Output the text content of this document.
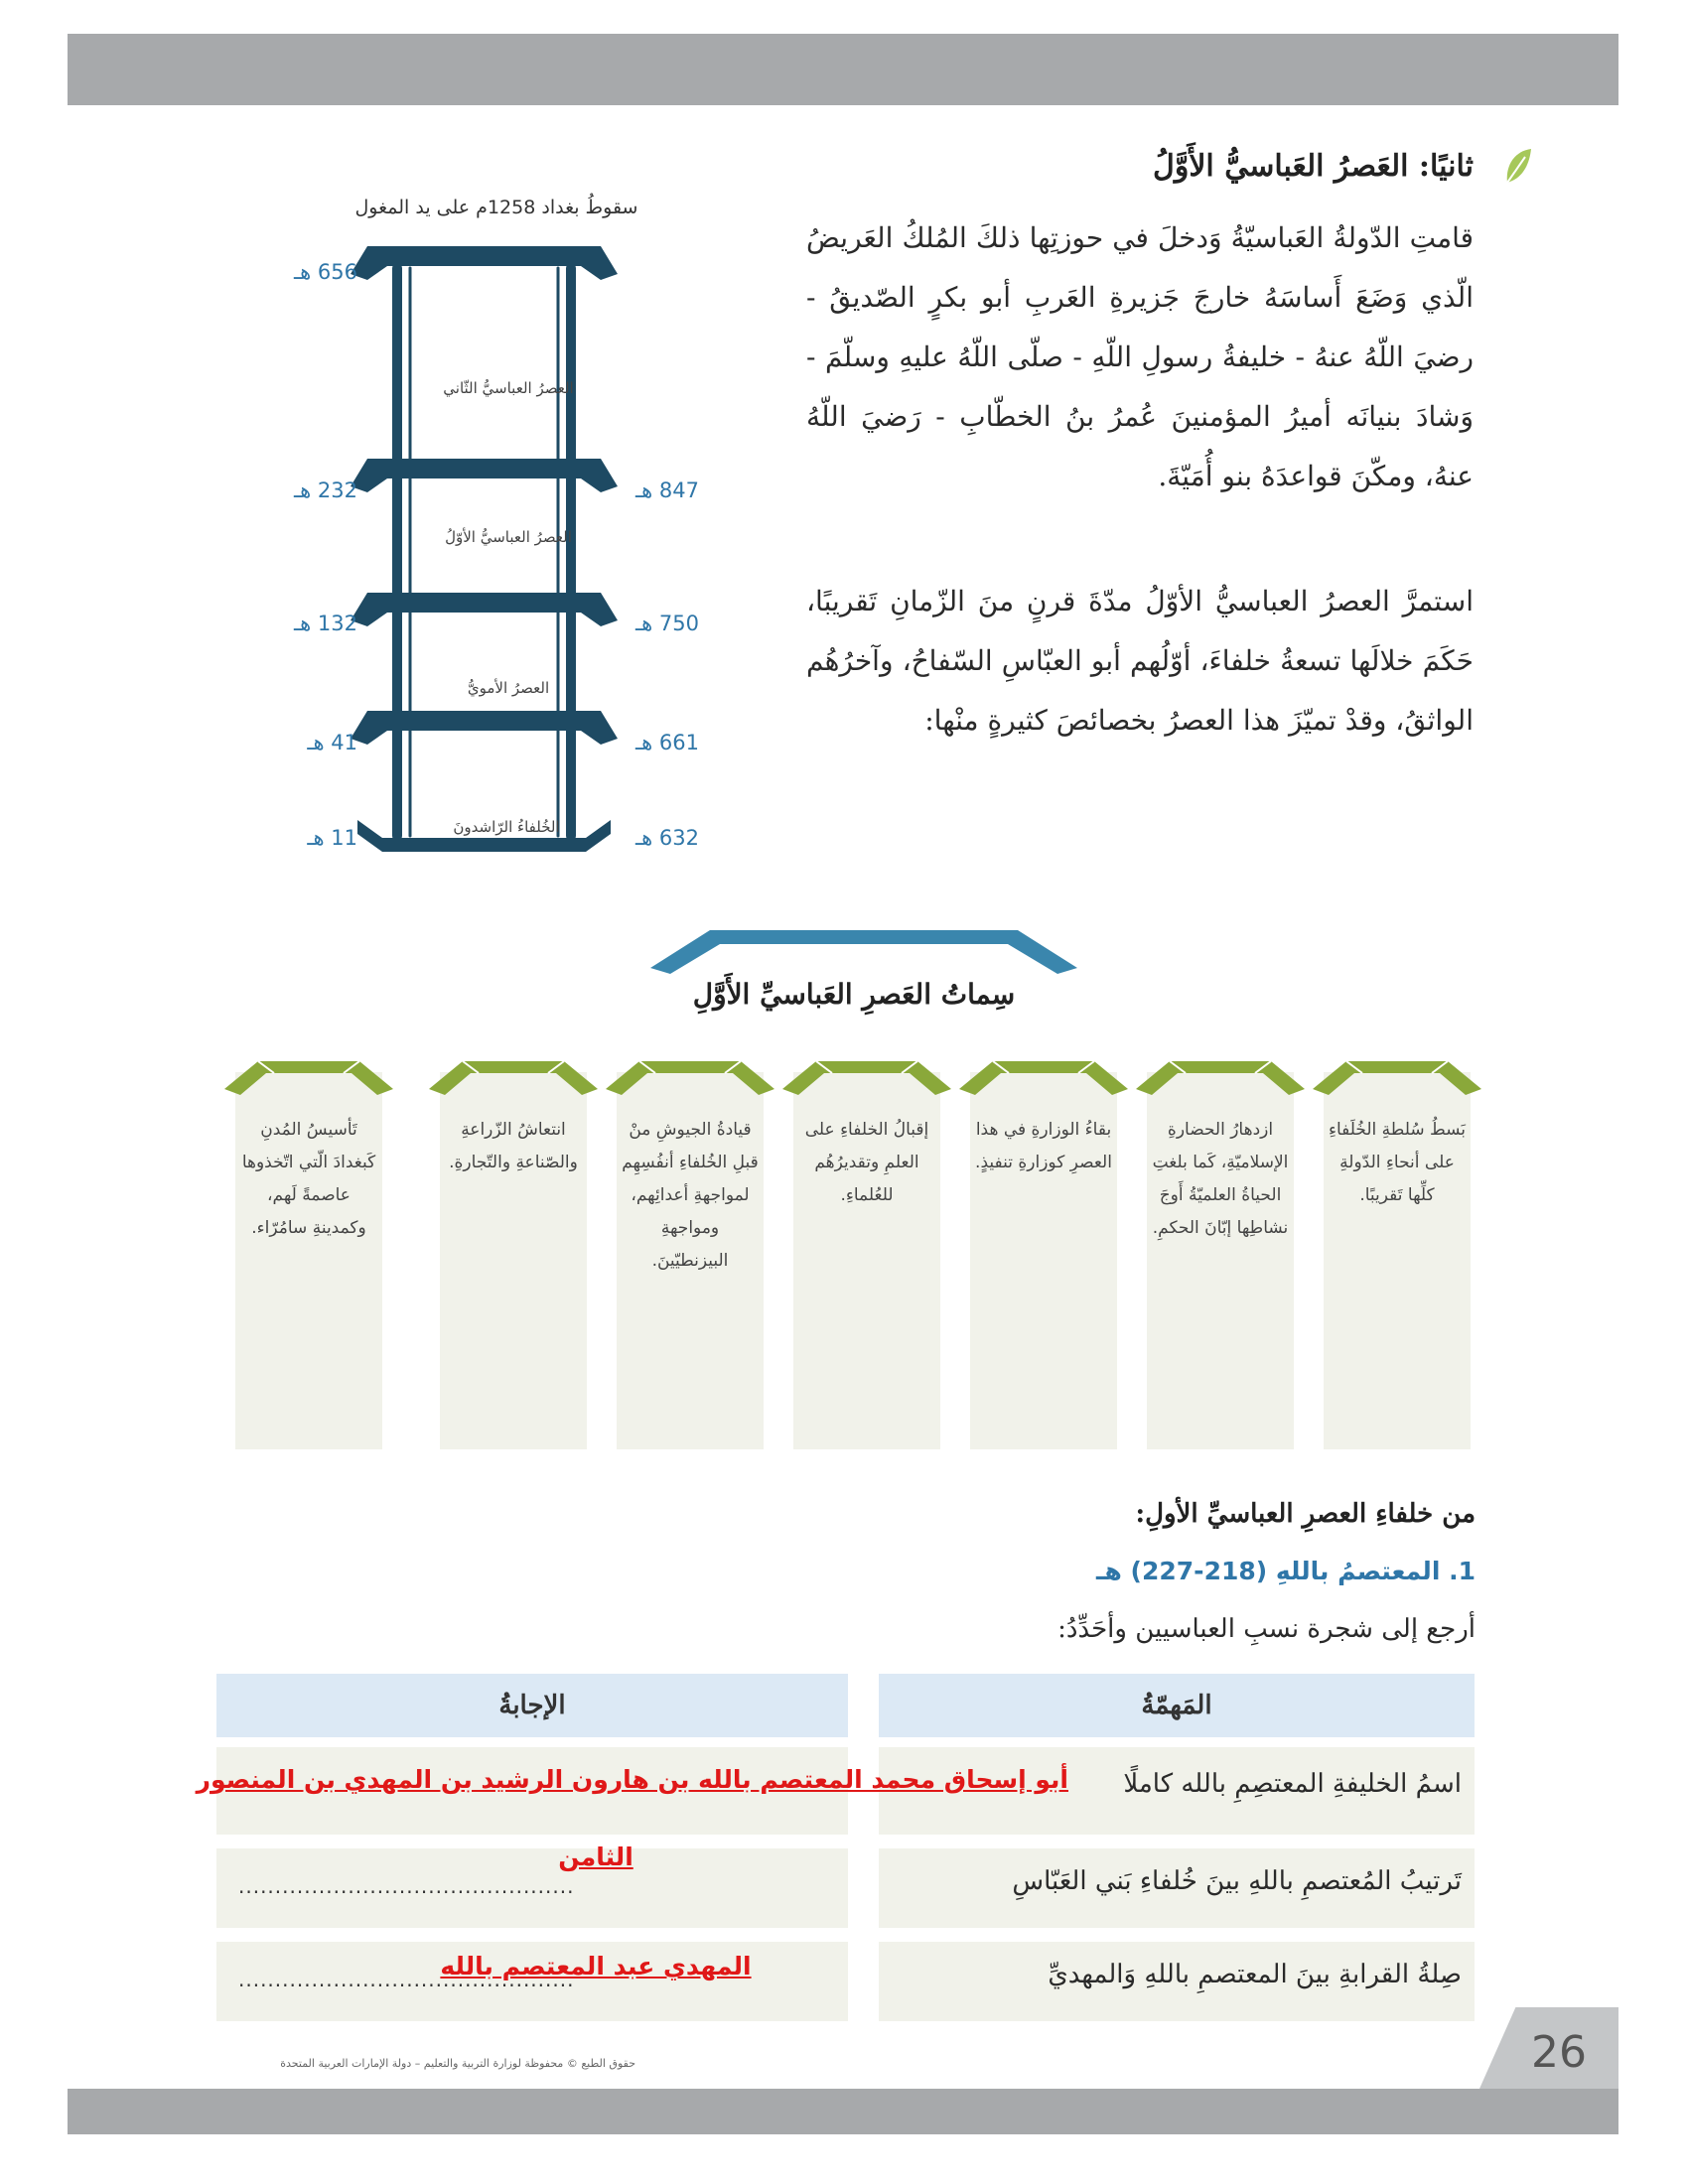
26
حقوق الطبع © محفوظة لوزارة التربية والتعليم – دولة الإمارات العربية المتحدة
ثانيًا: العَصرُ العَباسيُّ الأَوَّلُ
قامتِ الدّولةُ العَباسيّةُ وَدخلَ في حوزتِها ذلكَ المُلكُ العَريضُ الّذي وَضَعَ أَساسَهُ خارجَ جَزيرةِ العَربِ أبو بكرٍ الصّديقُ - رضيَ اللّهُ عنهُ - خليفةُ رسولِ اللّهِ - صلّى اللّهُ عليهِ وسلّمَ - وَشادَ بنيانَه أميرُ المؤمنينَ عُمرُ بنُ الخطّابِ - رَضيَ اللّهُ عنهُ، ومكّنَ قواعدَهُ بنو أُمَيّةَ.
استمرَّ العصرُ العباسيُّ الأوّلُ مدّةَ قرنٍ منَ الزّمانِ تَقريبًا، حَكَمَ خلالَها تسعةُ خلفاءَ، أوّلُهم أبو العبّاسِ السّفاحُ، وآخرُهُم الواثقُ، وقدْ تميّزَ هذا العصرُ بخصائصَ كثيرةٍ منْها:
سقوطُ بغداد 1258م على يد المغول
656 هـ
232 هـ
132 هـ
41 هـ
11 هـ
847 هـ
750 هـ
661 هـ
632 هـ
العصرُ العباسيُّ الثّاني
العصرُ العباسيُّ الأوّلُ
العصرُ الأمويُّ
الخُلفاءُ الرّاشدونَ
سِماتُ العَصرِ العَباسيِّ الأَوَّلِ
بَسطُ سُلطةِ الخُلَفاءِ على أنحاءِ الدّولةِ كلِّها تَقريبًا.
ازدهارُ الحضارةِ الإسلاميّةِ، كَما بلغتِ الحياةُ العلميّةُ أَوجَ نشاطِها إبّانَ الحكمِ.
بقاءُ الوزارةِ في هذا العصرِ كوزارةِ تنفيذٍ.
إقبالُ الخلفاءِ على العلمِ وتقديرُهُم للعُلماءِ.
قيادةُ الجيوشِ منْ قبلِ الخُلفاءِ أنفُسِهِم لمواجهةِ أعدائِهم، ومواجهةِ البيزنطيّينَ.
انتعاشُ الزّراعةِ والصّناعةِ والتّجارةِ.
تَأسيسُ المُدنِ كَبغدادَ الّتي اتّخذوها عاصمةً لَهم، وكمدينةِ سامُرّاء.
من خلفاءِ العصرِ العباسيِّ الأولِ:
1. المعتصمُ باللهِ (218-227) هـ
أرجع إلى شجرة نسبِ العباسيين وأحَدِّدُ:
المَهمّةُ
الإجابةُ
اسمُ الخليفةِ المعتصِمِ بالله كاملًا
تَرتيبُ المُعتصمِ باللهِ بينَ خُلفاءِ بَني العَبّاسِ
صِلةُ القرابةِ بينَ المعتصمِ باللهِ وَالمهديِّ
..............................................
..............................................
أبو إسحاق محمد المعتصم بالله بن هارون الرشيد بن المهدي بن المنصور
الثامن
المهدي عبد المعتصم بالله
